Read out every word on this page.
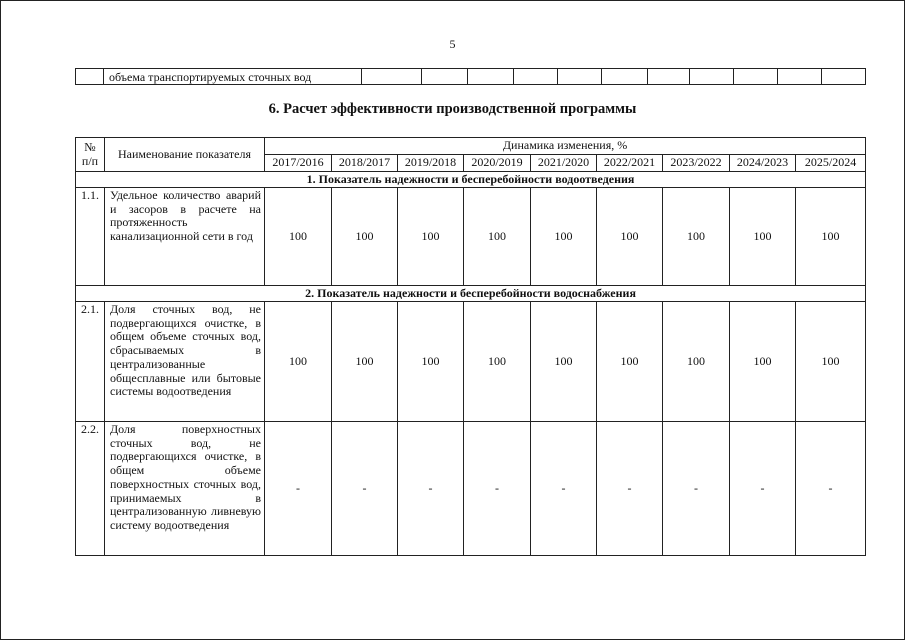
5
	объема транспортируемых сточных вод											
6. Расчет эффективности производственной программы
№ п/п	Наименование показателя	Динамика изменения, %								
		2017/2016	2018/2017	2019/2018	2020/2019	2021/2020	2022/2021	2023/2022	2024/2023	2025/2024
1. Показатель надежности и бесперебойности водоотведения										
1.1.	Удельное количество аварий и засоров в расчете на протяженность канализационной сети в год	100	100	100	100	100	100	100	100	100
2. Показатель надежности и бесперебойности водоснабжения										
2.1.	Доля сточных вод, не подвергающихся очистке, в общем объеме сточных вод, сбрасываемых в централизованные общесплавные или бытовые системы водоотведения	100	100	100	100	100	100	100	100	100
2.2.	Доля поверхностных сточных вод, не подвергающихся очистке, в общем объеме поверхностных сточных вод, принимаемых в централизованную ливневую систему водоотведения	-	-	-	-	-	-	-	-	-
